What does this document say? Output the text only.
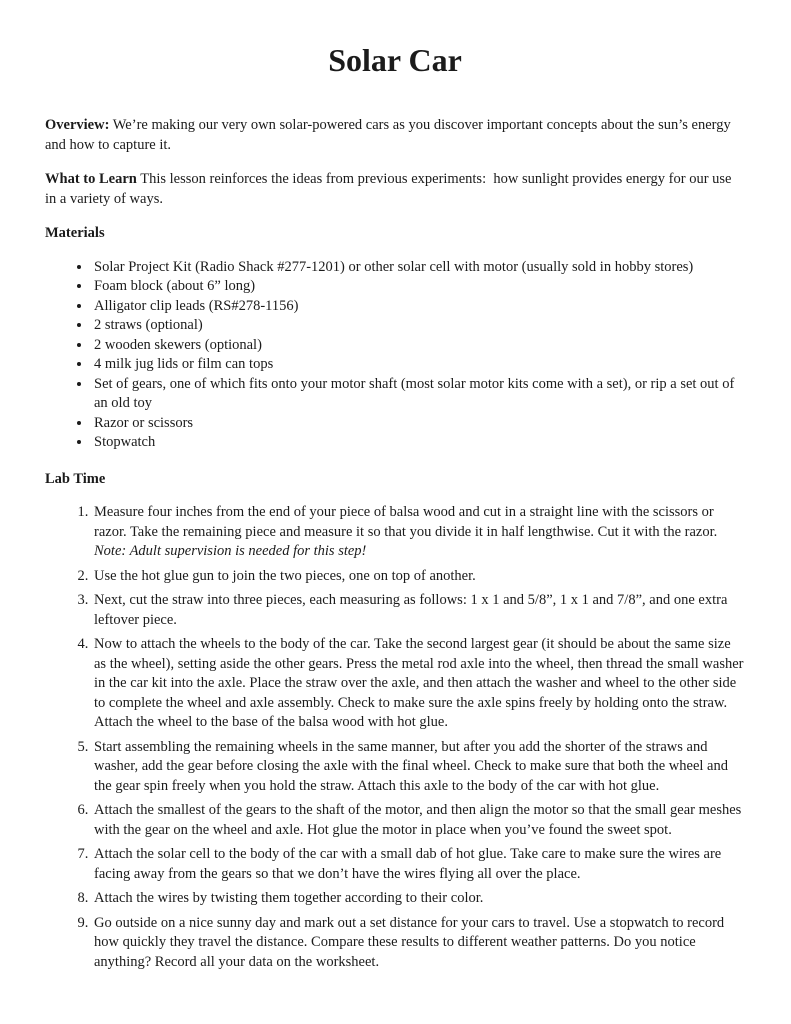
Solar Car

Overview: We’re making our very own solar-powered cars as you discover important concepts about the sun’s energy and how to capture it.

What to Learn This lesson reinforces the ideas from previous experiments:  how sunlight provides energy for our use in a variety of ways.

Materials
• Solar Project Kit (Radio Shack #277-1201) or other solar cell with motor (usually sold in hobby stores)
• Foam block (about 6” long)
• Alligator clip leads (RS#278-1156)
• 2 straws (optional)
• 2 wooden skewers (optional)
• 4 milk jug lids or film can tops
• Set of gears, one of which fits onto your motor shaft (most solar motor kits come with a set), or rip a set out of an old toy
• Razor or scissors
• Stopwatch
Lab Time
1. Measure four inches from the end of your piece of balsa wood and cut in a straight line with the scissors or razor. Take the remaining piece and measure it so that you divide it in half lengthwise. Cut it with the razor. Note: Adult supervision is needed for this step!
2. Use the hot glue gun to join the two pieces, one on top of another.
3. Next, cut the straw into three pieces, each measuring as follows: 1 x 1 and 5/8”, 1 x 1 and 7/8”, and one extra leftover piece.
4. Now to attach the wheels to the body of the car. Take the second largest gear (it should be about the same size as the wheel), setting aside the other gears. Press the metal rod axle into the wheel, then thread the small washer in the car kit into the axle. Place the straw over the axle, and then attach the washer and wheel to the other side to complete the wheel and axle assembly. Check to make sure the axle spins freely by holding onto the straw. Attach the wheel to the base of the balsa wood with hot glue.
5. Start assembling the remaining wheels in the same manner, but after you add the shorter of the straws and washer, add the gear before closing the axle with the final wheel. Check to make sure that both the wheel and the gear spin freely when you hold the straw. Attach this axle to the body of the car with hot glue.
6. Attach the smallest of the gears to the shaft of the motor, and then align the motor so that the small gear meshes with the gear on the wheel and axle. Hot glue the motor in place when you’ve found the sweet spot.
7. Attach the solar cell to the body of the car with a small dab of hot glue. Take care to make sure the wires are facing away from the gears so that we don’t have the wires flying all over the place.
8. Attach the wires by twisting them together according to their color.
9. Go outside on a nice sunny day and mark out a set distance for your cars to travel. Use a stopwatch to record how quickly they travel the distance. Compare these results to different weather patterns. Do you notice anything? Record all your data on the worksheet.
